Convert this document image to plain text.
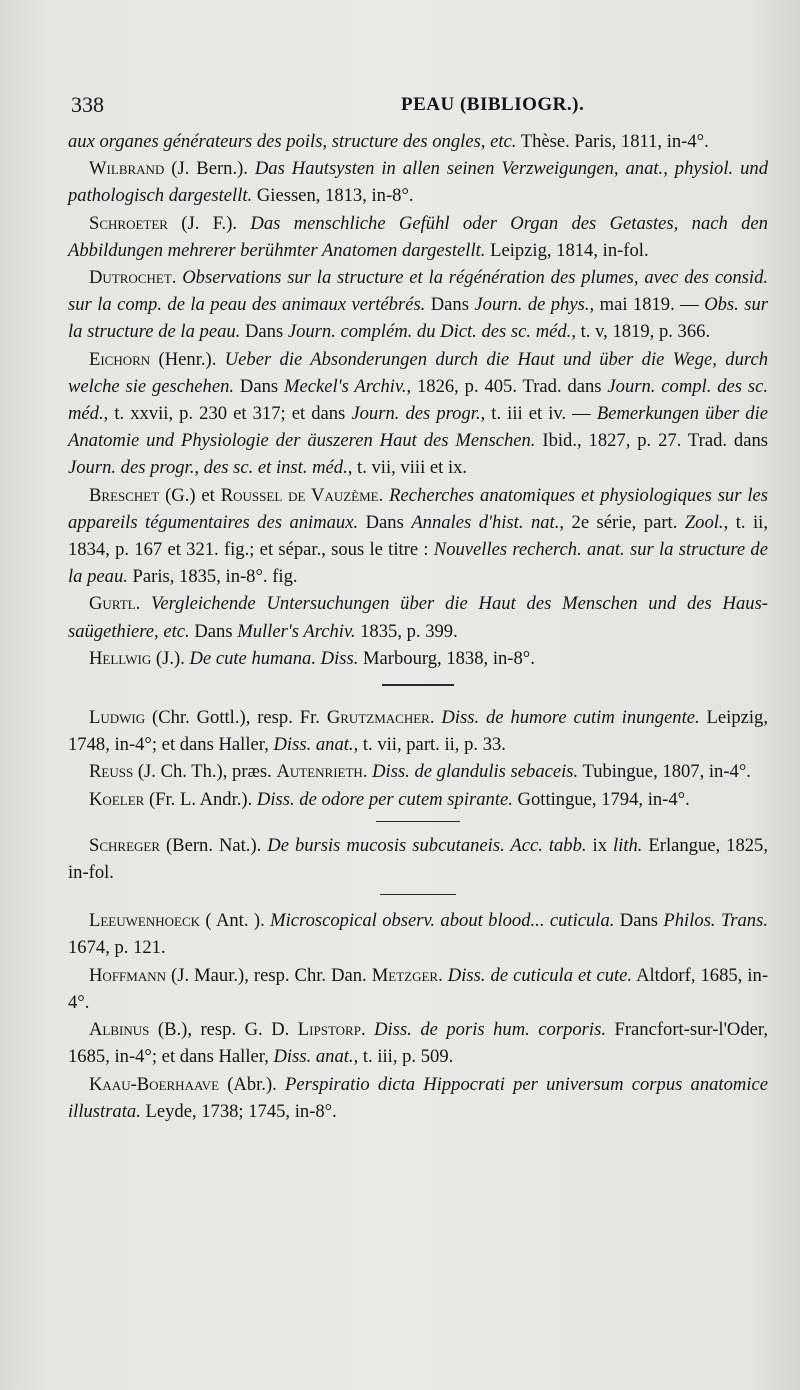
338	PEAU (BIBLIOGR.).

aux organes générateurs des poils, structure des ongles, etc. Thèse. Paris, 1811, in-4°.

Wilbrand (J. Bern.). Das Hautsysten in allen seinen Verzweigungen, anat., physiol. und pathologisch dargestellt. Giessen, 1813, in-8°.

Schroeter (J. F.). Das menschliche Gefühl oder Organ des Getastes, nach den Abbildungen mehrerer berühmter Anatomen dargestellt. Leipzig, 1814, in-fol.

Dutrochet. Observations sur la structure et la régénération des plumes, avec des consid. sur la comp. de la peau des animaux vertébrés. Dans Journ. de phys., mai 1819. — Obs. sur la structure de la peau. Dans Journ. complém. du Dict. des sc. méd., t. v, 1819, p. 366.

Eichorn (Henr.). Ueber die Absonderungen durch die Haut und über die Wege, durch welche sie geschehen. Dans Meckel's Archiv., 1826, p. 405. Trad. dans Journ. compl. des sc. méd., t. xxvii, p. 230 et 317; et dans Journ. des progr., t. iii et iv. — Bemerkungen über die Anatomie und Physiologie der äuszeren Haut des Menschen. Ibid., 1827, p. 27. Trad. dans Journ. des progr., des sc. et inst. méd., t. vii, viii et ix.

Breschet (G.) et Roussel de Vauzème. Recherches anatomiques et physiologiques sur les appareils tégumentaires des animaux. Dans Annales d'hist. nat., 2e série, part. Zool., t. ii, 1834, p. 167 et 321. fig.; et sépar., sous le titre : Nouvelles recherch. anat. sur la structure de la peau. Paris, 1835, in-8°. fig.

Gurtl. Vergleichende Untersuchungen über die Haut des Menschen und des Haus-saügethiere, etc. Dans Muller's Archiv. 1835, p. 399.

Hellwig (J.). De cute humana. Diss. Marbourg, 1838, in-8°.

Ludwig (Chr. Gottl.), resp. Fr. Grutzmacher. Diss. de humore cutim inungente. Leipzig, 1748, in-4°; et dans Haller, Diss. anat., t. vii, part. ii, p. 33.

Reuss (J. Ch. Th.), præs. Autenrieth. Diss. de glandulis sebaceis. Tubingue, 1807, in-4°.

Koeler (Fr. L. Andr.). Diss. de odore per cutem spirante. Gottingue, 1794, in-4°.

Schreger (Bern. Nat.). De bursis mucosis subcutaneis. Acc. tabb. ix lith. Erlangue, 1825, in-fol.

Leeuwenhoeck ( Ant. ). Microscopical observ. about blood... cuticula. Dans Philos. Trans. 1674, p. 121.

Hoffmann (J. Maur.), resp. Chr. Dan. Metzger. Diss. de cuticula et cute. Altdorf, 1685, in-4°.

Albinus (B.), resp. G. D. Lipstorp. Diss. de poris hum. corporis. Francfort-sur-l'Oder, 1685, in-4°; et dans Haller, Diss. anat., t. iii, p. 509.

Kaau-Boerhaave (Abr.). Perspiratio dicta Hippocrati per universum corpus anatomice illustrata. Leyde, 1738; 1745, in-8°.
